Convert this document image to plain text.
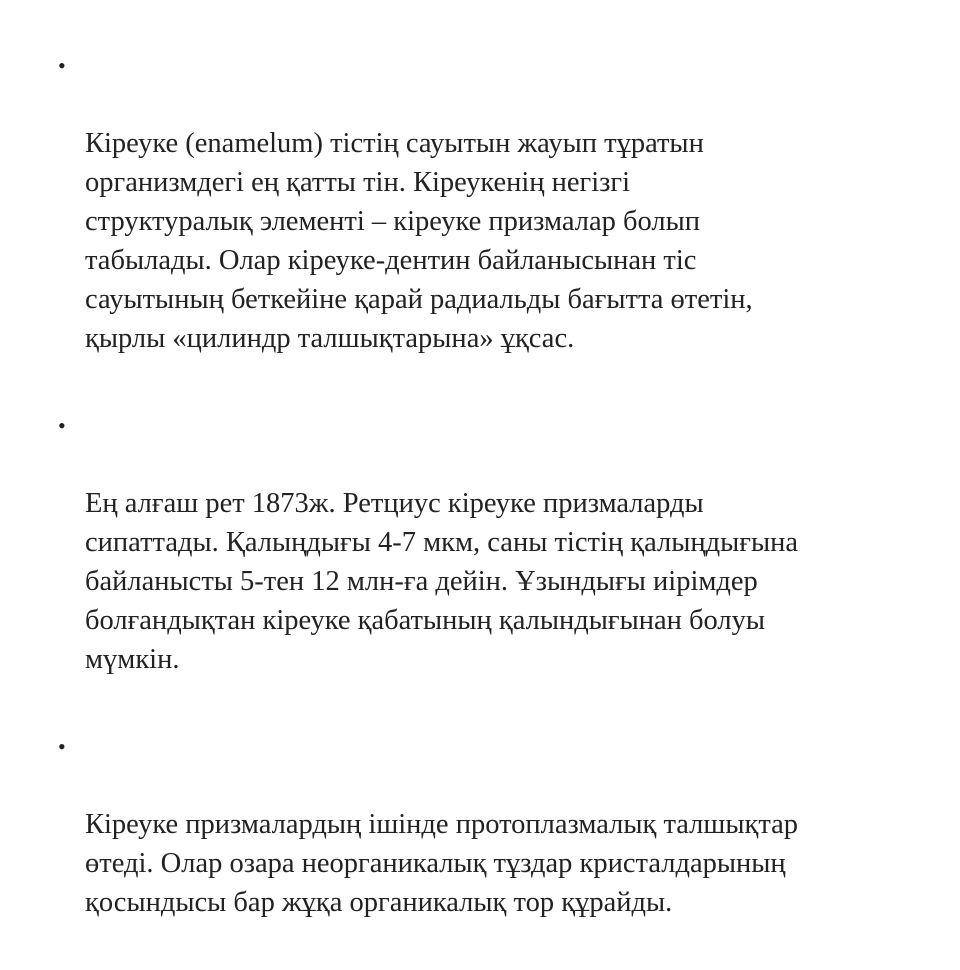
•

Кіреуке (enamelum) тістің сауытын жауып тұратын
организмдегі ең қатты тін. Кіреукенің негізгі
структуралық элементі – кіреуке призмалар болып
табылады. Олар кіреуке-дентин байланысынан тіс
сауытының беткейіне қарай радиальды бағытта өтетін,
қырлы «цилиндр талшықтарына» ұқсас.

•

Ең алғаш рет 1873ж. Ретциус кіреуке призмаларды
сипаттады. Қалыңдығы 4-7 мкм, саны тістің қалыңдығына
байланысты 5-тен 12 млн-ға дейін. Ұзындығы иірімдер
болғандықтан кіреуке қабатының қалындығынан болуы
мүмкін.

•

Кіреуке призмалардың ішінде протоплазмалық талшықтар
өтеді. Олар озара неорганикалық тұздар кристалдарының
қосындысы бар жұқа органикалық тор құрайды.
